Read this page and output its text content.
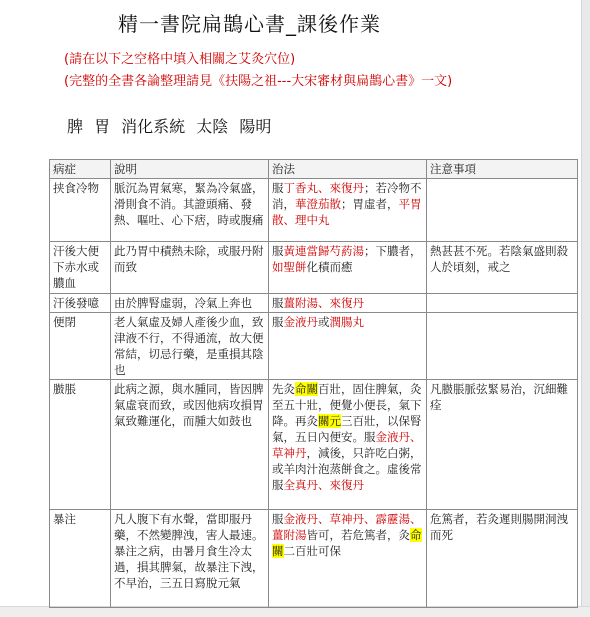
精一書院扁鵲心書_課後作業
(請在以下之空格中填入相關之艾灸穴位)
(完整的全書各論整理請見《扶陽之祖---大宋審材與扁鵲心書》一文)
脾 胃 消化系統 太陰 陽明
病症	說明	治法	注意事項
挟食冷物	脈沉為胃氣寒，緊為冷氣盛，滑則食不消。其證頭痛、發熱、嘔吐、心下痞，時或腹痛	服丁香丸、來復丹；若冷物不消，華澄茄散；胃虛者，平胃散、理中丸	
汗後大便下赤水或膿血	此乃胃中積熱未除，或服丹附而致	服黃連當歸芍葯湯；下膿者，如聖餅化積而癒	熱甚甚不死。若陰氣盛則殺人於頃刻，戒之
汗後發噫	由於脾腎虛弱，冷氣上奔也	服薑附湯、來復丹	
便閉	老人氣虛及婦人產後少血，致津液不行，不得通流，故大便常結，切忌行藥，是重損其陰也	服金液丹或潤腸丸	
臌脹	此病之源，與水腫同，皆因脾氣虛衰而致，或因他病攻損胃氣致難運化，而腫大如鼓也	先灸命關百壯，固住脾氣，灸至五十壯，便覺小便長，氣下降。再灸關元三百壯，以保腎氣，五日內便安。服金液丹、草神丹，減後，只許吃白粥，或羊肉汁泡蒸餅食之。虛後常服全真丹、來復丹	凡臌脹脈弦緊易治，沉細難痊
暴注	凡人腹下有水聲，當即服丹藥，不然變脾洩，害人最速。暴注之病，由暑月食生冷太過，損其脾氣，故暴注下洩，不早治，三五日寫脫元氣	服金液丹、草神丹、霹靂湯、薑附湯皆可，若危篤者，灸命關二百壯可保	危篤者，若灸遲則腸開洞洩而死
